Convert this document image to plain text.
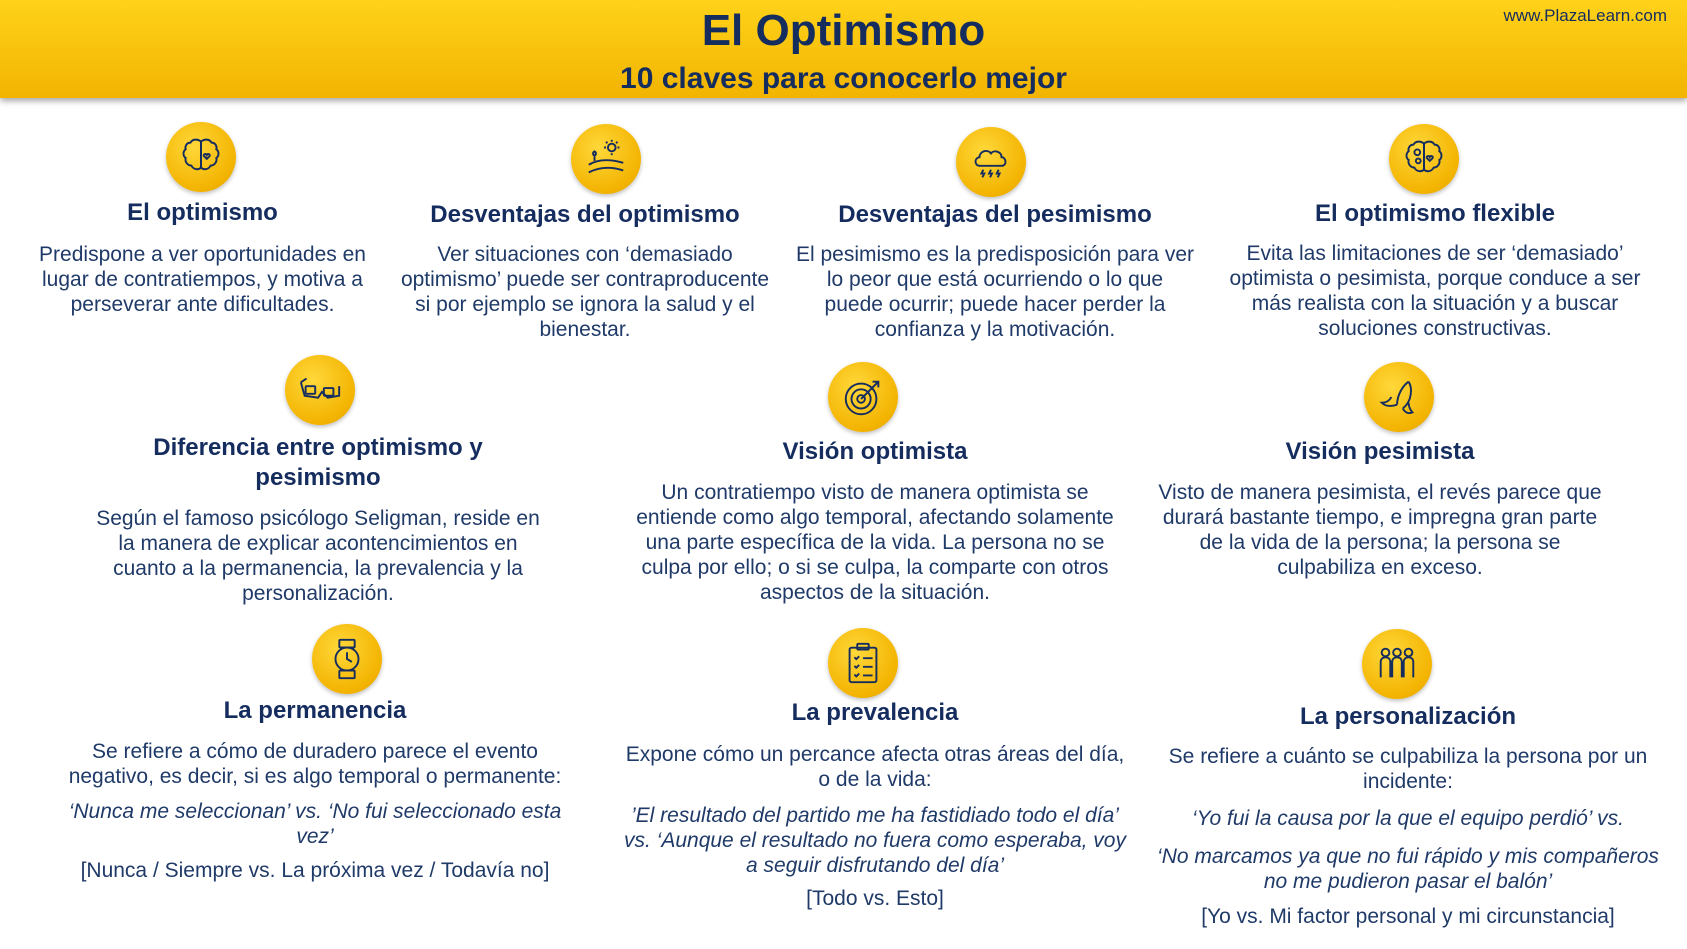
El Optimismo
10 claves para conocerlo mejor
www.PlazaLearn.com

El optimismo

Predispone a ver oportunidades en lugar de contratiempos, y motiva a perseverar ante dificultades.

Desventajas del optimismo

Ver situaciones con ‘demasiado optimismo’ puede ser contraproducente si por ejemplo se ignora la salud y el bienestar.

Desventajas del pesimismo

El pesimismo es la predisposición para ver lo peor que está ocurriendo o lo que puede ocurrir; puede hacer perder la confianza y la motivación.

El optimismo flexible

Evita las limitaciones de ser ‘demasiado’ optimista o pesimista, porque conduce a ser más realista con la situación y a buscar soluciones constructivas.

Diferencia entre optimismo y pesimismo

Según el famoso psicólogo Seligman, reside en la manera de explicar acontencimientos en cuanto a la permanencia, la prevalencia y la personalización.

Visión optimista

Un contratiempo visto de manera optimista se entiende como algo temporal, afectando solamente una parte específica de la vida. La persona no se culpa por ello; o si se culpa, la comparte con otros aspectos de la situación.

Visión pesimista

Visto de manera pesimista, el revés parece que durará bastante tiempo, e impregna gran parte de la vida de la persona; la persona se culpabiliza en exceso.

La permanencia

Se refiere a cómo de duradero parece el evento negativo, es decir, si es algo temporal o permanente:

‘Nunca me seleccionan’ vs. ‘No fui seleccionado esta vez’

[Nunca / Siempre vs. La próxima vez / Todavía no]

La prevalencia

Expone cómo un percance afecta otras áreas del día, o de la vida:

’El resultado del partido me ha fastidiado todo el día’ vs. ‘Aunque el resultado no fuera como esperaba, voy a seguir disfrutando del día’

[Todo vs. Esto]

La personalización

Se refiere a cuánto se culpabiliza la persona por un incidente:

‘Yo fui la causa por la que el equipo perdió’ vs.

‘No marcamos ya que no fui rápido y mis compañeros no me pudieron pasar el balón’

[Yo vs. Mi factor personal y mi circunstancia]
